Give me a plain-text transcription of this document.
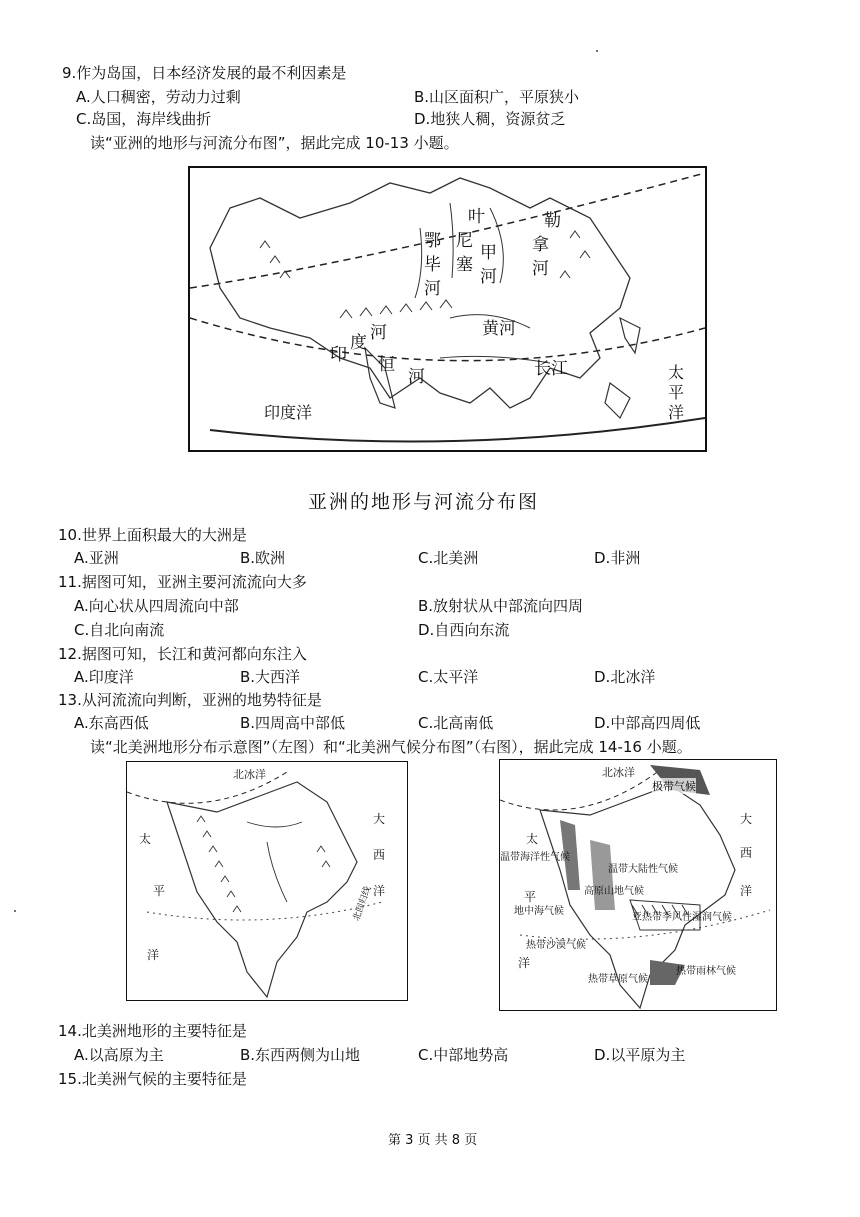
9.作为岛国，日本经济发展的最不利因素是
A.人口稠密，劳动力过剩	B.山区面积广，平原狭小
C.岛国，海岸线曲折	D.地狭人稠，资源贫乏
读“亚洲的地形与河流分布图”，据此完成 10-13 小题。
叶
尼
塞
勒
拿
河
鄂
毕
河
甲
河
黄河
长江
河
度
印 恒
河
印度洋
太
平
洋
亚洲的地形与河流分布图
10.世界上面积最大的大洲是
A.亚洲	B.欧洲	C.北美洲	D.非洲
11.据图可知，亚洲主要河流流向大多
A.向心状从四周流向中部	B.放射状从中部流向四周
C.自北向南流	D.自西向东流
12.据图可知，长江和黄河都向东注入
A.印度洋	B.大西洋	C.太平洋	D.北冰洋
13.从河流流向判断，亚洲的地势特征是
A.东高西低	B.四周高中部低	C.北高南低	D.中部高四周低
读“北美洲地形分布示意图”（左图）和“北美洲气候分布图”（右图），据此完成 14-16 小题。
北冰洋
大
西
洋
太
平
洋
北回归线
北冰洋
极带气候
大
西
洋
太
平
洋
温带海洋性气候
温带大陆性气候
高原山地气候
地中海气候
亚热带季风性湿润气候
热带沙漠气候
热带草原气候
热带雨林气候
14.北美洲地形的主要特征是
A.以高原为主	B.东西两侧为山地	C.中部地势高	D.以平原为主
15.北美洲气候的主要特征是
第 3 页 共 8 页
